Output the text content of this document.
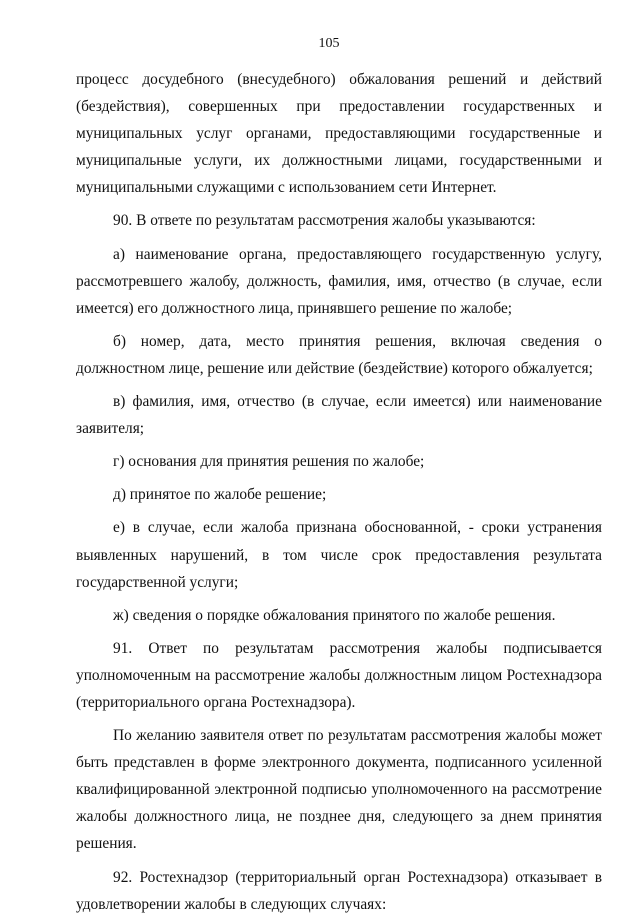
105

процесс досудебного (внесудебного) обжалования решений и действий (бездействия), совершенных при предоставлении государственных и муниципальных услуг органами, предоставляющими государственные и муниципальные услуги, их должностными лицами, государственными и муниципальными служащими с использованием сети Интернет.

90. В ответе по результатам рассмотрения жалобы указываются:

а) наименование органа, предоставляющего государственную услугу, рассмотревшего жалобу, должность, фамилия, имя, отчество (в случае, если имеется) его должностного лица, принявшего решение по жалобе;

б) номер, дата, место принятия решения, включая сведения о должностном лице, решение или действие (бездействие) которого обжалуется;

в) фамилия, имя, отчество (в случае, если имеется) или наименование заявителя;

г) основания для принятия решения по жалобе;

д) принятое по жалобе решение;

е) в случае, если жалоба признана обоснованной, - сроки устранения выявленных нарушений, в том числе срок предоставления результата государственной услуги;

ж) сведения о порядке обжалования принятого по жалобе решения.

91. Ответ по результатам рассмотрения жалобы подписывается уполномоченным на рассмотрение жалобы должностным лицом Ростехнадзора (территориального органа Ростехнадзора).

По желанию заявителя ответ по результатам рассмотрения жалобы может быть представлен в форме электронного документа, подписанного усиленной квалифицированной электронной подписью уполномоченного на рассмотрение жалобы должностного лица, не позднее дня, следующего за днем принятия решения.

92. Ростехнадзор (территориальный орган Ростехнадзора) отказывает в удовлетворении жалобы в следующих случаях:
